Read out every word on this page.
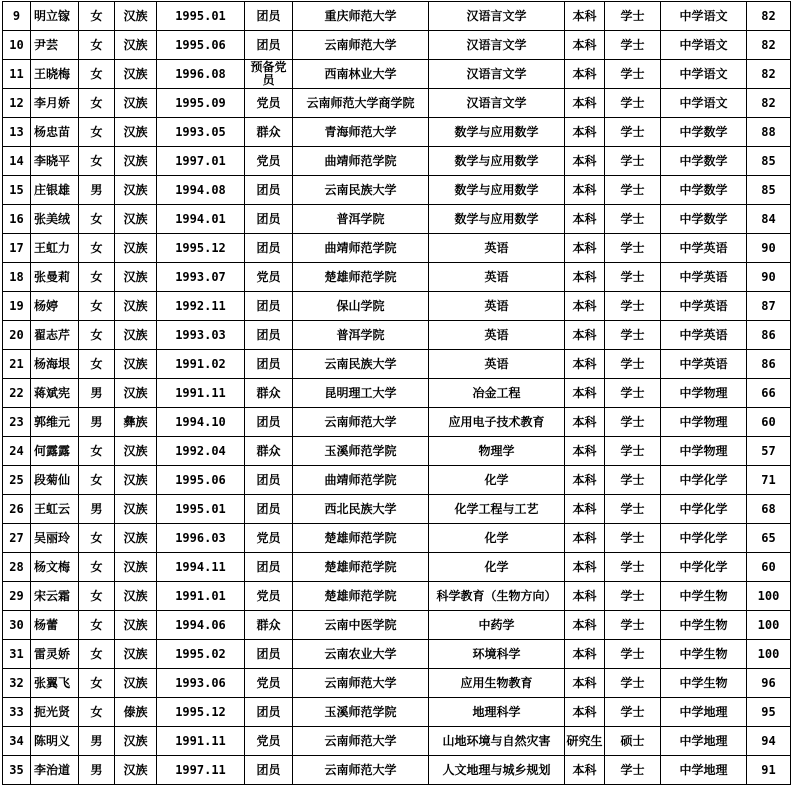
9	明立镓	女	汉族	1995.01	团员	重庆师范大学	汉语言文学	本科	学士	中学语文	82
10	尹芸	女	汉族	1995.06	团员	云南师范大学	汉语言文学	本科	学士	中学语文	82
11	王晓梅	女	汉族	1996.08	预备党员	西南林业大学	汉语言文学	本科	学士	中学语文	82
12	李月娇	女	汉族	1995.09	党员	云南师范大学商学院	汉语言文学	本科	学士	中学语文	82
13	杨忠苗	女	汉族	1993.05	群众	青海师范大学	数学与应用数学	本科	学士	中学数学	88
14	李晓平	女	汉族	1997.01	党员	曲靖师范学院	数学与应用数学	本科	学士	中学数学	85
15	庄银雄	男	汉族	1994.08	团员	云南民族大学	数学与应用数学	本科	学士	中学数学	85
16	张美绒	女	汉族	1994.01	团员	普洱学院	数学与应用数学	本科	学士	中学数学	84
17	王虹力	女	汉族	1995.12	团员	曲靖师范学院	英语	本科	学士	中学英语	90
18	张曼莉	女	汉族	1993.07	党员	楚雄师范学院	英语	本科	学士	中学英语	90
19	杨婷	女	汉族	1992.11	团员	保山学院	英语	本科	学士	中学英语	87
20	翟志芹	女	汉族	1993.03	团员	普洱学院	英语	本科	学士	中学英语	86
21	杨海垠	女	汉族	1991.02	团员	云南民族大学	英语	本科	学士	中学英语	86
22	蒋斌宪	男	汉族	1991.11	群众	昆明理工大学	冶金工程	本科	学士	中学物理	66
23	郭维元	男	彝族	1994.10	团员	云南师范大学	应用电子技术教育	本科	学士	中学物理	60
24	何露露	女	汉族	1992.04	群众	玉溪师范学院	物理学	本科	学士	中学物理	57
25	段菊仙	女	汉族	1995.06	团员	曲靖师范学院	化学	本科	学士	中学化学	71
26	王虹云	男	汉族	1995.01	团员	西北民族大学	化学工程与工艺	本科	学士	中学化学	68
27	吴丽玲	女	汉族	1996.03	党员	楚雄师范学院	化学	本科	学士	中学化学	65
28	杨文梅	女	汉族	1994.11	团员	楚雄师范学院	化学	本科	学士	中学化学	60
29	宋云霜	女	汉族	1991.01	党员	楚雄师范学院	科学教育（生物方向）	本科	学士	中学生物	100
30	杨蕾	女	汉族	1994.06	群众	云南中医学院	中药学	本科	学士	中学生物	100
31	雷灵娇	女	汉族	1995.02	团员	云南农业大学	环境科学	本科	学士	中学生物	100
32	张翼飞	女	汉族	1993.06	党员	云南师范大学	应用生物教育	本科	学士	中学生物	96
33	扼光贤	女	傣族	1995.12	团员	玉溪师范学院	地理科学	本科	学士	中学地理	95
34	陈明义	男	汉族	1991.11	党员	云南师范大学	山地环境与自然灾害	研究生	硕士	中学地理	94
35	李治道	男	汉族	1997.11	团员	云南师范大学	人文地理与城乡规划	本科	学士	中学地理	91
